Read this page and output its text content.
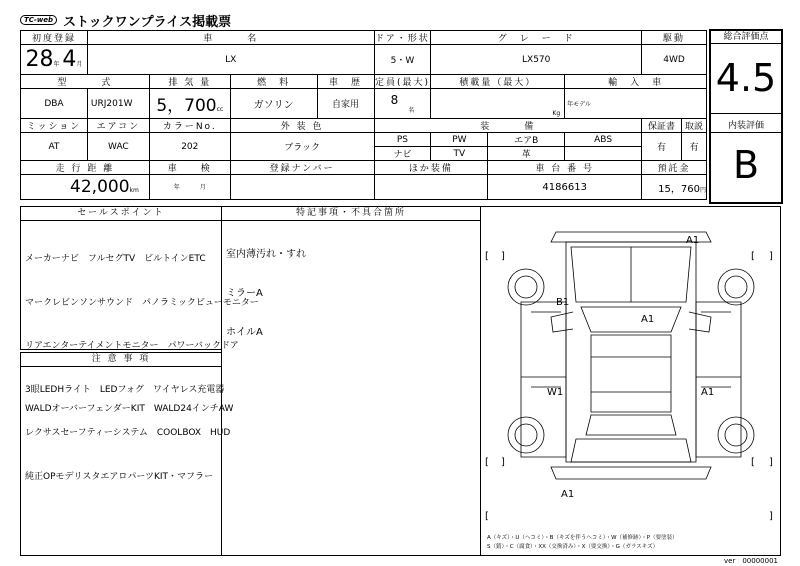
TC-web ストックワンプライス掲載票
初度登録	車　　　名				ドア・形状	グ　レ　ー　ド			駆動	
28年 4月	LX				5・W	LX570			4WD	
型　　　式		排 気 量	燃　料	車　歴	定員(最大)	積載量（最大）		輸　入　車		
DBA	URJ201W	5，700cc	ガソリン	自家用	$8_名$	Kg		年モデル		
ミッション	エアコン	カラーNo.	外 装 色		装　　　備				保証書	取説
AT	WAC	202	ブラック		PS	PW	エアB	ABS	有	有
					ナビ	TV	革			
走 行 距 離		車　　検	登録ナンバー		ほか装備		車 台 番 号		預託金	
42,000km		年 月					4186613		15，760円	
総合評価点
4.5
内装評価
B
セールスポイント

メーカーナビ　フルセグTV　ビルトインETC

マークレビンソンサウンド　パノラミックビューモニター

リアエンターテイメントモニター　パワーバックドア

3眼LEDHライト　LEDフォグ　ワイヤレス充電器

レクサスセーフティーシステム　COOLBOX　HUD

純正OPモデリスタエアロパーツKIT・マフラー

注 意 事 項

WALDオーバーフェンダーKIT　WALD24インチAW

特記事項・不具合箇所

室内薄汚れ・すれ

ミラーA

ホイルA

A1
B1
A1
W1	A1
A1
[ ]	[ ]
[ ]	[ ]
[	]
A（キズ）・U（ヘコミ）・B（キズを伴うヘコミ）・W（補修跡）・P（要塗装）
S（錆）・C（腐食）・XX（交換済み）・X（要交換）・G（ガラスキズ）
ver　00000001
